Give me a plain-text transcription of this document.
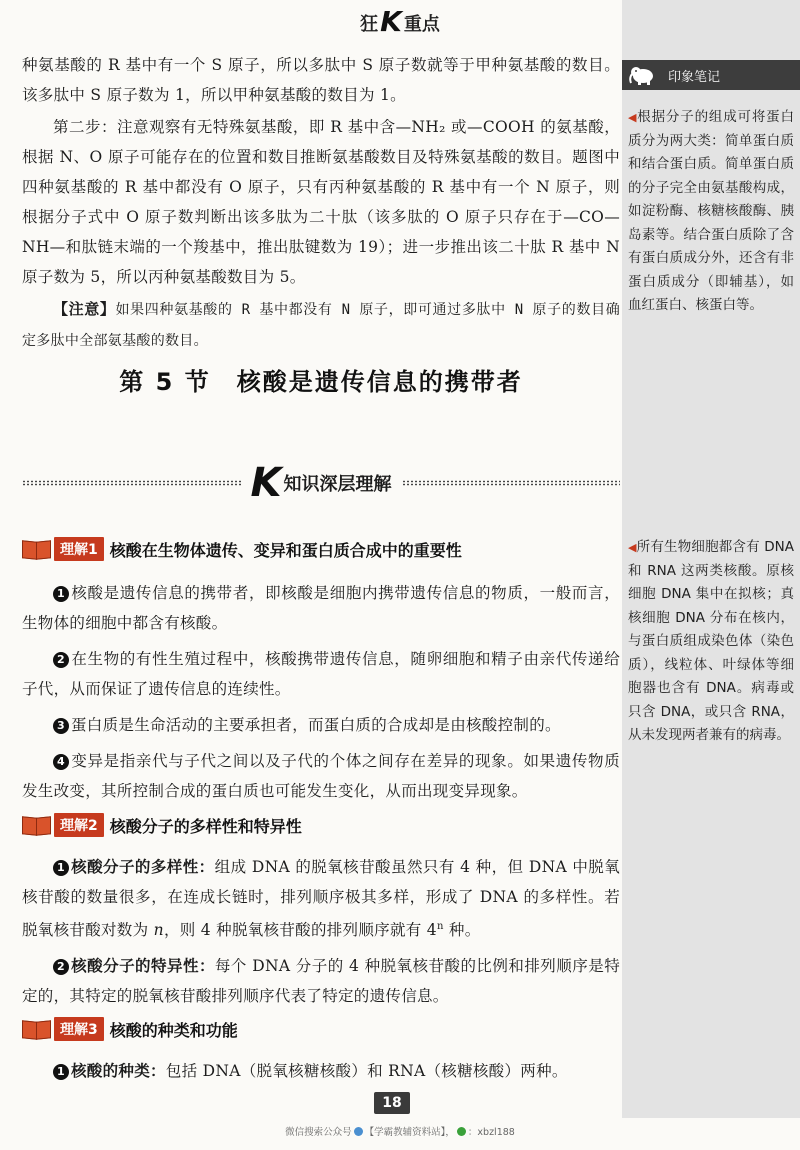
印象笔记
◀根据分子的组成可将蛋白质分为两大类：简单蛋白质和结合蛋白质。简单蛋白质的分子完全由氨基酸构成，如淀粉酶、核糖核酸酶、胰岛素等。结合蛋白质除了含有蛋白质成分外，还含有非蛋白质成分（即辅基），如血红蛋白、核蛋白等。
◀所有生物细胞都含有 DNA 和 RNA 这两类核酸。原核细胞 DNA 集中在拟核；真核细胞 DNA 分布在核内，与蛋白质组成染色体（染色质），线粒体、叶绿体等细胞器也含有 DNA。病毒或只含 DNA，或只含 RNA，从未发现两者兼有的病毒。
狂 K 重点

种氨基酸的 R 基中有一个 S 原子，所以多肽中 S 原子数就等于甲种氨基酸的数目。该多肽中 S 原子数为 1，所以甲种氨基酸的数目为 1。

第二步：注意观察有无特殊氨基酸，即 R 基中含—NH₂ 或—COOH 的氨基酸，根据 N、O 原子可能存在的位置和数目推断氨基酸数目及特殊氨基酸的数目。题图中四种氨基酸的 R 基中都没有 O 原子，只有丙种氨基酸的 R 基中有一个 N 原子，则根据分子式中 O 原子数判断出该多肽为二十肽（该多肽的 O 原子只存在于—CO—NH—和肽链末端的一个羧基中，推出肽键数为 19）；进一步推出该二十肽 R 基中 N 原子数为 5，所以丙种氨基酸数目为 5。

【注意】如果四种氨基酸的 R 基中都没有 N 原子，即可通过多肽中 N 原子的数目确定多肽中全部氨基酸的数目。

第 5 节 核酸是遗传信息的携带者
K 知识深层理解
理解1 核酸在生物体遗传、变异和蛋白质合成中的重要性

1 核酸是遗传信息的携带者，即核酸是细胞内携带遗传信息的物质，一般而言，生物体的细胞中都含有核酸。

2 在生物的有性生殖过程中，核酸携带遗传信息，随卵细胞和精子由亲代传递给子代，从而保证了遗传信息的连续性。

3 蛋白质是生命活动的主要承担者，而蛋白质的合成却是由核酸控制的。

4 变异是指亲代与子代之间以及子代的个体之间存在差异的现象。如果遗传物质发生改变，其所控制合成的蛋白质也可能发生变化，从而出现变异现象。

理解2 核酸分子的多样性和特异性

1 核酸分子的多样性：组成 DNA 的脱氧核苷酸虽然只有 4 种，但 DNA 中脱氧核苷酸的数量很多，在连成长链时，排列顺序极其多样，形成了 DNA 的多样性。若脱氧核苷酸对数为 n，则 4 种脱氧核苷酸的排列顺序就有 4$^n$ 种。

2 核酸分子的特异性：每个 DNA 分子的 4 种脱氧核苷酸的比例和排列顺序是特定的，其特定的脱氧核苷酸排列顺序代表了特定的遗传信息。

理解3 核酸的种类和功能

1 核酸的种类：包括 DNA（脱氧核糖核酸）和 RNA（核糖核酸）两种。

18
微信搜索公众号 【学霸教辅资料站】， ：xbzl188
